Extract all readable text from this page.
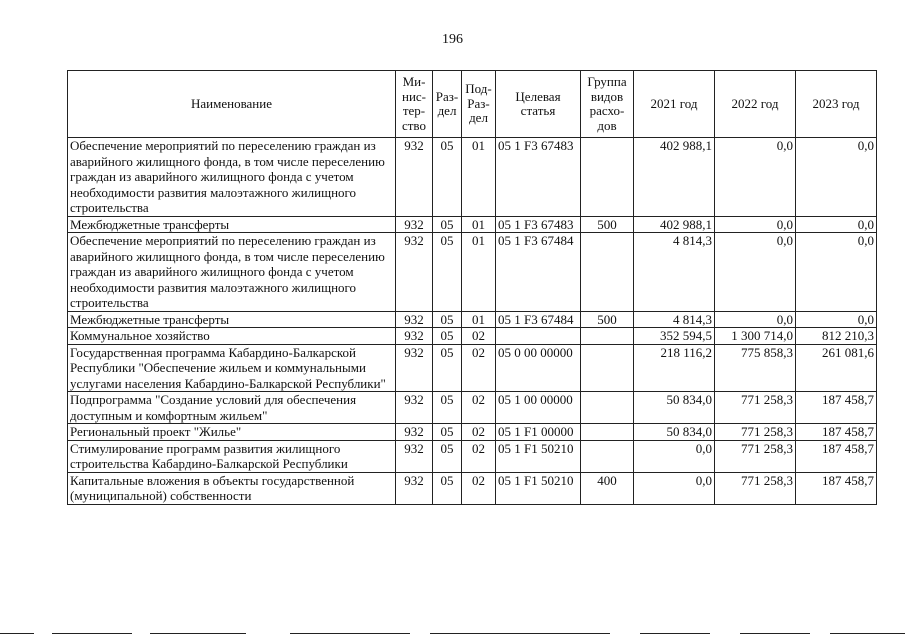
196
Наименование	Ми-нис-тер-ство	Раз-дел	Под-Раз-дел	Целевая статья	Группа видов расхо-дов	2021 год	2022 год	2023 год
Обеспечение мероприятий по переселению граждан из аварийного жилищного фонда, в том числе переселению граждан из аварийного жилищного фонда с учетом необходимости развития малоэтажного жилищного строительства	932	05	01	05 1 F3 67483		402 988,1	0,0	0,0
Межбюджетные трансферты	932	05	01	05 1 F3 67483	500	402 988,1	0,0	0,0
Обеспечение мероприятий по переселению граждан из аварийного жилищного фонда, в том числе переселению граждан из аварийного жилищного фонда с учетом необходимости развития малоэтажного жилищного строительства	932	05	01	05 1 F3 67484		4 814,3	0,0	0,0
Межбюджетные трансферты	932	05	01	05 1 F3 67484	500	4 814,3	0,0	0,0
Коммунальное хозяйство	932	05	02			352 594,5	1 300 714,0	812 210,3
Государственная программа Кабардино-Балкарской Республики "Обеспечение жильем и коммунальными услугами населения Кабардино-Балкарской Республики"	932	05	02	05 0 00 00000		218 116,2	775 858,3	261 081,6
Подпрограмма "Создание условий для обеспечения доступным и комфортным жильем"	932	05	02	05 1 00 00000		50 834,0	771 258,3	187 458,7
Региональный проект "Жилье"	932	05	02	05 1 F1 00000		50 834,0	771 258,3	187 458,7
Стимулирование программ развития жилищного строительства Кабардино-Балкарской Республики	932	05	02	05 1 F1 50210		0,0	771 258,3	187 458,7
Капитальные вложения в объекты государственной (муниципальной) собственности	932	05	02	05 1 F1 50210	400	0,0	771 258,3	187 458,7
